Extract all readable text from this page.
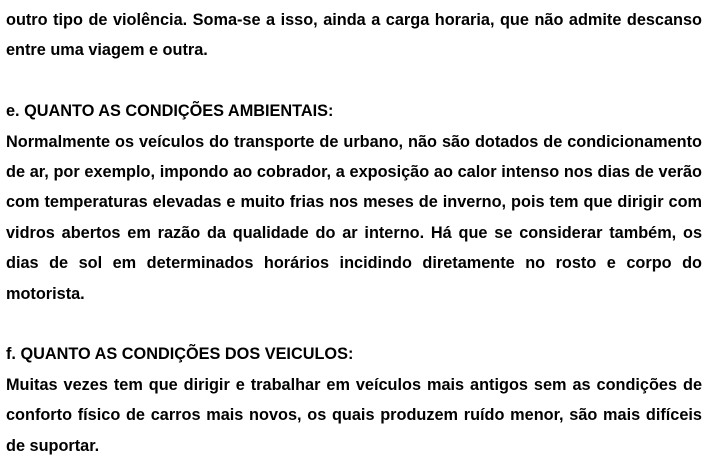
outro tipo de violência. Soma-se a isso, ainda a carga horaria, que não admite descanso entre uma viagem e outra.

e. QUANTO AS CONDIÇÕES AMBIENTAIS:

Normalmente os veículos do transporte de urbano, não são dotados de condicionamento de ar, por exemplo, impondo ao cobrador, a exposição ao calor intenso nos dias de verão com temperaturas elevadas e muito frias nos meses de inverno, pois tem que dirigir com vidros abertos em razão da qualidade do ar interno. Há que se considerar também, os dias de sol em determinados horários incidindo diretamente no rosto e corpo do motorista.

f. QUANTO AS CONDIÇÕES DOS VEICULOS:

Muitas vezes tem que dirigir e trabalhar em veículos mais antigos sem as condições de conforto físico de carros mais novos, os quais produzem ruído menor, são mais difíceis de suportar.
